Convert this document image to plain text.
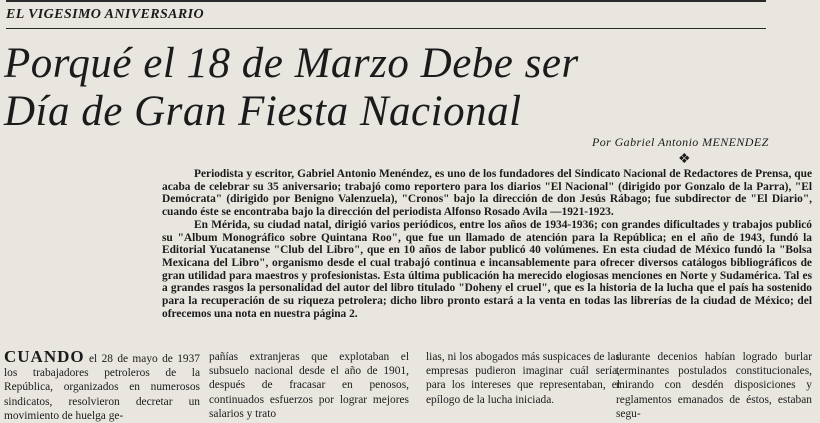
EL VIGESIMO ANIVERSARIO
Porqué el 18 de Marzo Debe ser
Día de Gran Fiesta Nacional
Por Gabriel Antonio MENENDEZ
❖

Periodista y escritor, Gabriel Antonio Menéndez, es uno de los fundadores del Sindicato Nacional de Redactores de Prensa, que acaba de celebrar su 35 aniversario; trabajó como reportero para los diarios "El Nacional" (dirigido por Gonzalo de la Parra), "El Demócrata" (dirigido por Benigno Valenzuela), "Cronos" bajo la dirección de don Jesús Rábago; fue subdirector de "El Diario", cuando éste se encontraba bajo la dirección del periodista Alfonso Rosado Avila —1921-1923.

En Mérida, su ciudad natal, dirigió varios periódicos, entre los años de 1934-1936; con grandes dificultades y trabajos publicó su "Album Monográfico sobre Quintana Roo", que fue un llamado de atención para la República; en el año de 1943, fundó la Editorial Yucatanense "Club del Libro", que en 10 años de labor publicó 40 volúmenes. En esta ciudad de México fundó la "Bolsa Mexicana del Libro", organismo desde el cual trabajó continua e incansablemente para ofrecer diversos catálogos bibliográficos de gran utilidad para maestros y profesionistas. Esta última publicación ha merecido elogiosas menciones en Norte y Sudamérica. Tal es a grandes rasgos la personalidad del autor del libro titulado "Doheny el cruel", que es la historia de la lucha que el país ha sostenido para la recuperación de su riqueza petrolera; dicho libro pronto estará a la venta en todas las librerías de la ciudad de México; del ofrecemos una nota en nuestra página 2.

CUANDO el 28 de mayo de 1937 los trabajadores petroleros de la República, organizados en numerosos sindicatos, resolvieron decretar un movimiento de huelga ge-

pañías extranjeras que explotaban el subsuelo nacional desde el año de 1901, después de fracasar en penosos, continuados esfuerzos por lograr mejores salarios y trato

lias, ni los abogados más suspicaces de las empresas pudieron imaginar cuál sería, para los intereses que representaban, el epílogo de la lucha iniciada.

durante decenios habían logrado burlar terminantes postulados constitucionales, mirando con desdén disposiciones y reglamentos emanados de éstos, estaban segu-
